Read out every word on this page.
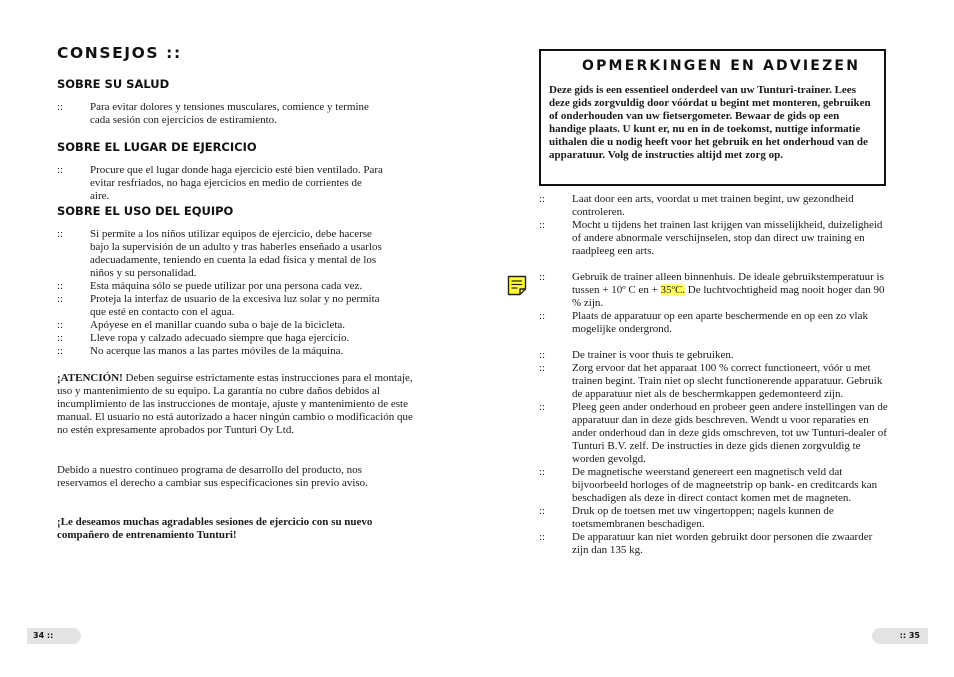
CONSEJOS ::
SOBRE SU SALUD
:: Para evitar dolores y tensiones musculares, comience y termine cada sesión con ejercicios de estiramiento.
SOBRE EL LUGAR DE EJERCICIO
:: Procure que el lugar donde haga ejercicio esté bien ventilado. Para evitar resfriados, no haga ejercicios en medio de corrientes de aire.
SOBRE EL USO DEL EQUIPO
:: Si permite a los niños utilizar equipos de ejercicio, debe hacerse bajo la supervisión de un adulto y tras haberles enseñado a usarlos adecuadamente, teniendo en cuenta la edad física y mental de los niños y su personalidad.
:: Esta máquina sólo se puede utilizar por una persona cada vez.
:: Proteja la interfaz de usuario de la excesiva luz solar y no permita que esté en contacto con el agua.
:: Apóyese en el manillar cuando suba o baje de la bicicleta.
:: Lleve ropa y calzado adecuado siempre que haga ejercicio.
:: No acerque las manos a las partes móviles de la máquina.

¡ATENCIÓN! Deben seguirse estrictamente estas instrucciones para el montaje, uso y mantenimiento de su equipo. La garantía no cubre daños debidos al incumplimiento de las instrucciones de montaje, ajuste y mantenimiento de este manual. El usuario no está autorizado a hacer ningún cambio o modificación que no estén expresamente aprobados por Tunturi Oy Ltd.

Debido a nuestro continueo programa de desarrollo del producto, nos reservamos el derecho a cambiar sus especificaciones sin previo aviso.

¡Le deseamos muchas agradables sesiones de ejercicio con su nuevo compañero de entrenamiento Tunturi!

OPMERKINGEN EN ADVIEZEN

Deze gids is een essentieel onderdeel van uw Tunturi-trainer. Lees deze gids zorgvuldig door vóórdat u begint met monteren, gebruiken of onderhouden van uw fietsergometer. Bewaar de gids op een handige plaats. U kunt er, nu en in de toekomst, nuttige informatie uithalen die u nodig heeft voor het gebruik en het onderhoud van de apparatuur. Volg de instructies altijd met zorg op.

:: Laat door een arts, voordat u met trainen begint, uw gezondheid controleren.
:: Mocht u tijdens het trainen last krijgen van misselijkheid, duizeligheid of andere abnormale verschijnselen, stop dan direct uw training en raadpleeg een arts.
:: Gebruik de trainer alleen binnenhuis. De ideale gebruikstemperatuur is tussen + 10º C en + 35ºC. De luchtvochtigheid mag nooit hoger dan 90 % zijn.
:: Plaats de apparatuur op een aparte beschermende en op een zo vlak mogelijke ondergrond.
:: De trainer is voor thuis te gebruiken.
:: Zorg ervoor dat het apparaat 100 % correct functioneert, vóór u met trainen begint. Train niet op slecht functionerende apparatuur. Gebruik de apparatuur niet als de beschermkappen gedemonteerd zijn.
:: Pleeg geen ander onderhoud en probeer geen andere instellingen van de apparatuur dan in deze gids beschreven. Wendt u voor reparaties en ander onderhoud dan in deze gids omschreven, tot uw Tunturi-dealer of Tunturi B.V. zelf. De instructies in deze gids dienen zorgvuldig te worden gevolgd.
:: De magnetische weerstand genereert een magnetisch veld dat bijvoorbeeld horloges of de magneetstrip op bank- en creditcards kan beschadigen als deze in direct contact komen met de magneten.
:: Druk op de toetsen met uw vingertoppen; nagels kunnen de toetsmembranen beschadigen.
:: De apparatuur kan niet worden gebruikt door personen die zwaarder zijn dan 135 kg.
34 ::	:: 35
